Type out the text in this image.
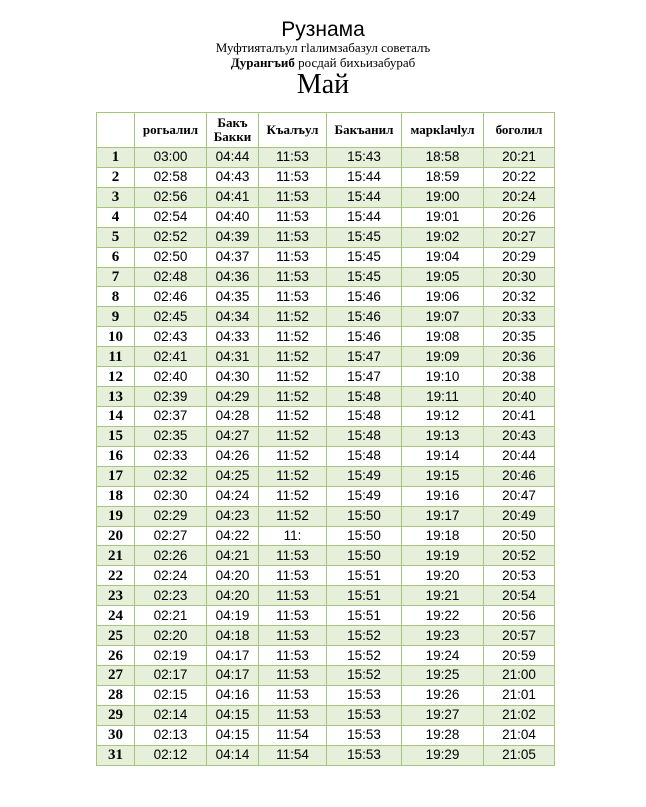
Рузнама
Муфтияталъул гlалимзабазул советалъ
Дурангъиб росдай бихьизабураб
Май
	рогьалил	Бакъ Бакки	Къалъул	Бакъанил	маркlачlул	боголил
1	03:00	04:44	11:53	15:43	18:58	20:21
2	02:58	04:43	11:53	15:44	18:59	20:22
3	02:56	04:41	11:53	15:44	19:00	20:24
4	02:54	04:40	11:53	15:44	19:01	20:26
5	02:52	04:39	11:53	15:45	19:02	20:27
6	02:50	04:37	11:53	15:45	19:04	20:29
7	02:48	04:36	11:53	15:45	19:05	20:30
8	02:46	04:35	11:53	15:46	19:06	20:32
9	02:45	04:34	11:52	15:46	19:07	20:33
10	02:43	04:33	11:52	15:46	19:08	20:35
11	02:41	04:31	11:52	15:47	19:09	20:36
12	02:40	04:30	11:52	15:47	19:10	20:38
13	02:39	04:29	11:52	15:48	19:11	20:40
14	02:37	04:28	11:52	15:48	19:12	20:41
15	02:35	04:27	11:52	15:48	19:13	20:43
16	02:33	04:26	11:52	15:48	19:14	20:44
17	02:32	04:25	11:52	15:49	19:15	20:46
18	02:30	04:24	11:52	15:49	19:16	20:47
19	02:29	04:23	11:52	15:50	19:17	20:49
20	02:27	04:22	11:	15:50	19:18	20:50
21	02:26	04:21	11:53	15:50	19:19	20:52
22	02:24	04:20	11:53	15:51	19:20	20:53
23	02:23	04:20	11:53	15:51	19:21	20:54
24	02:21	04:19	11:53	15:51	19:22	20:56
25	02:20	04:18	11:53	15:52	19:23	20:57
26	02:19	04:17	11:53	15:52	19:24	20:59
27	02:17	04:17	11:53	15:52	19:25	21:00
28	02:15	04:16	11:53	15:53	19:26	21:01
29	02:14	04:15	11:53	15:53	19:27	21:02
30	02:13	04:15	11:54	15:53	19:28	21:04
31	02:12	04:14	11:54	15:53	19:29	21:05
